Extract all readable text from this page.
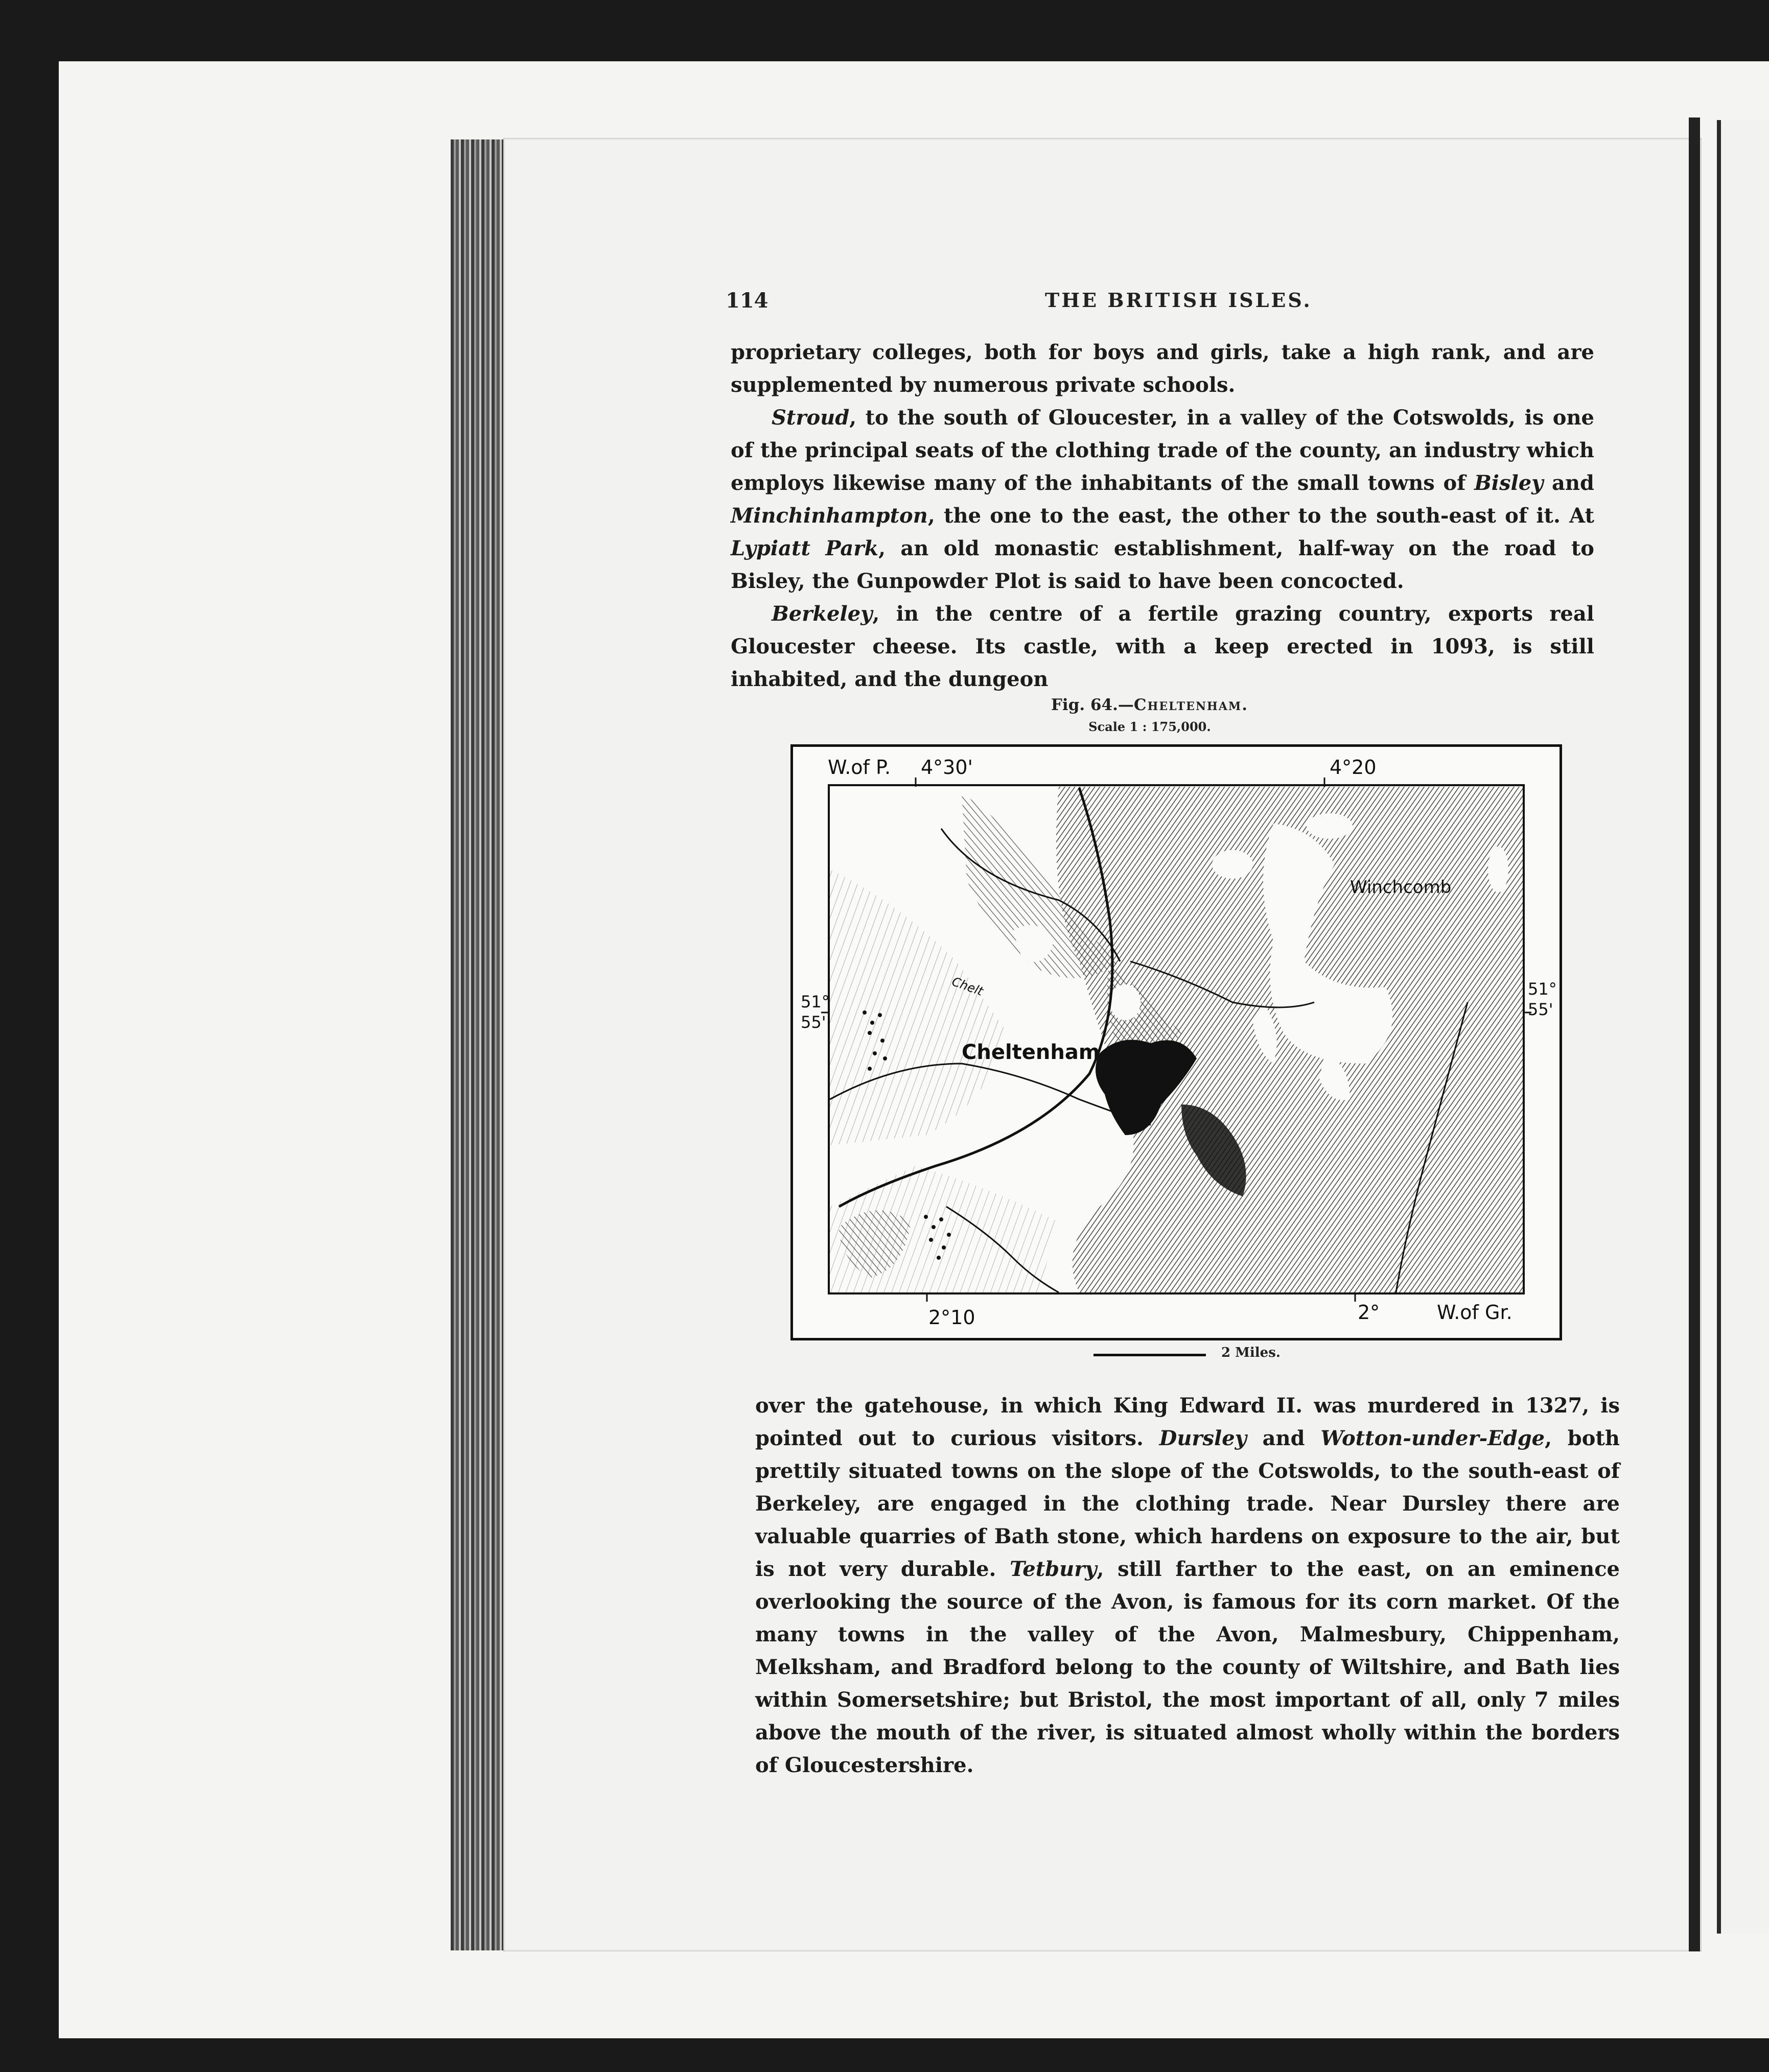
114	THE BRITISH ISLES.

proprietary colleges, both for boys and girls, take a high rank, and are supplemented by numerous private schools.

Stroud, to the south of Gloucester, in a valley of the Cotswolds, is one of the principal seats of the clothing trade of the county, an industry which employs likewise many of the inhabitants of the small towns of Bisley and Minchinhampton, the one to the east, the other to the south-east of it. At Lypiatt Park, an old monastic establishment, half-way on the road to Bisley, the Gunpowder Plot is said to have been concocted.

Berkeley, in the centre of a fertile grazing country, exports real Gloucester cheese. Its castle, with a keep erected in 1093, is still inhabited, and the dungeon

Fig. 64.—Cheltenham.
Scale 1 : 175,000.
W.of P. 4°30'	4°20
51°
55'
51°
55'
2°10	2°	W.of Gr.
Cheltenham
Winchcomb
Chelt
2 Miles.

over the gatehouse, in which King Edward II. was murdered in 1327, is pointed out to curious visitors. Dursley and Wotton-under-Edge, both prettily situated towns on the slope of the Cotswolds, to the south-east of Berkeley, are engaged in the clothing trade. Near Dursley there are valuable quarries of Bath stone, which hardens on exposure to the air, but is not very durable. Tetbury, still farther to the east, on an eminence overlooking the source of the Avon, is famous for its corn market. Of the many towns in the valley of the Avon, Malmesbury, Chippenham, Melksham, and Bradford belong to the county of Wiltshire, and Bath lies within Somersetshire; but Bristol, the most important of all, only 7 miles above the mouth of the river, is situated almost wholly within the borders of Gloucestershire.
